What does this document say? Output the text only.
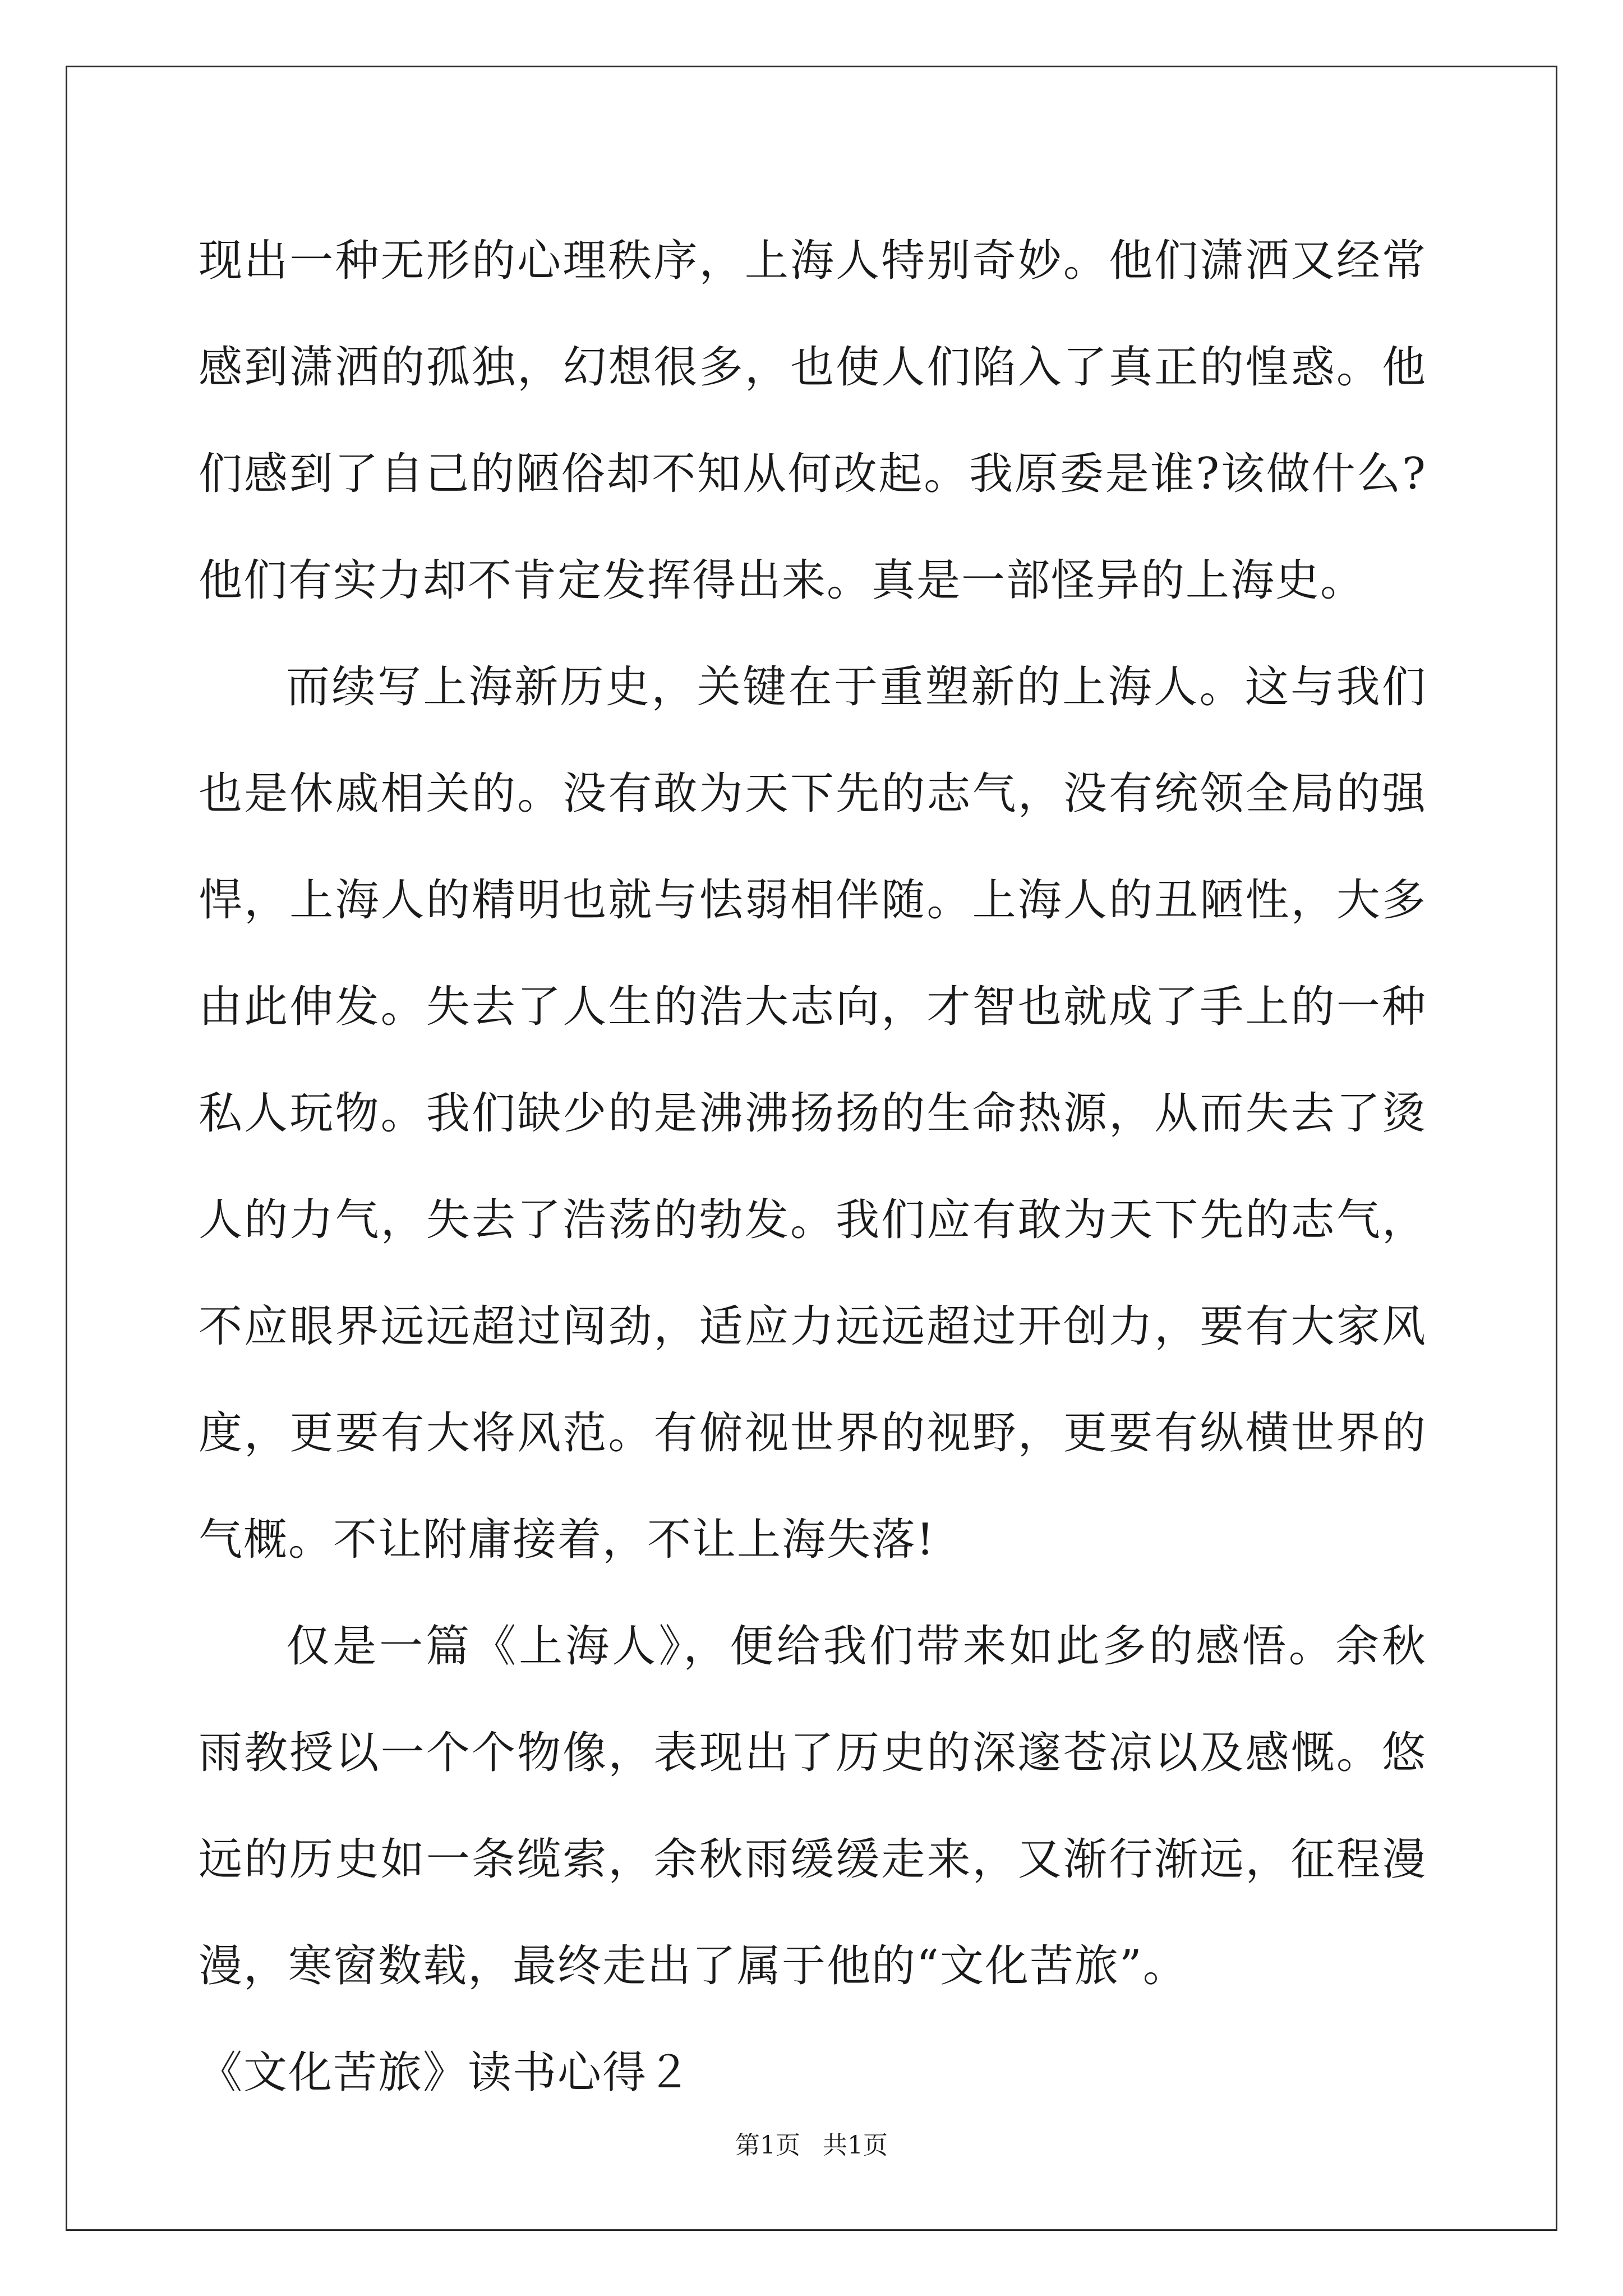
现出一种无形的心理秩序，上海人特别奇妙。他们潇洒又经常感到潇洒的孤独，幻想很多，也使人们陷入了真正的惶惑。他们感到了自己的陋俗却不知从何改起。我原委是谁?该做什么?他们有实力却不肯定发挥得出来。真是一部怪异的上海史。

而续写上海新历史，关键在于重塑新的上海人。这与我们也是休戚相关的。没有敢为天下先的志气，没有统领全局的强悍，上海人的精明也就与怯弱相伴随。上海人的丑陋性，大多由此伸发。失去了人生的浩大志向，才智也就成了手上的一种私人玩物。我们缺少的是沸沸扬扬的生命热源，从而失去了烫人的力气，失去了浩荡的勃发。我们应有敢为天下先的志气，不应眼界远远超过闯劲，适应力远远超过开创力，要有大家风度，更要有大将风范。有俯视世界的视野，更要有纵横世界的气概。不让附庸接着，不让上海失落!

仅是一篇《上海人》，便给我们带来如此多的感悟。余秋雨教授以一个个物像，表现出了历史的深邃苍凉以及感慨。悠远的历史如一条缆索，余秋雨缓缓走来，又渐行渐远，征程漫漫，寒窗数载，最终走出了属于他的“文化苦旅”。

《文化苦旅》读书心得２

第1页 共1页
